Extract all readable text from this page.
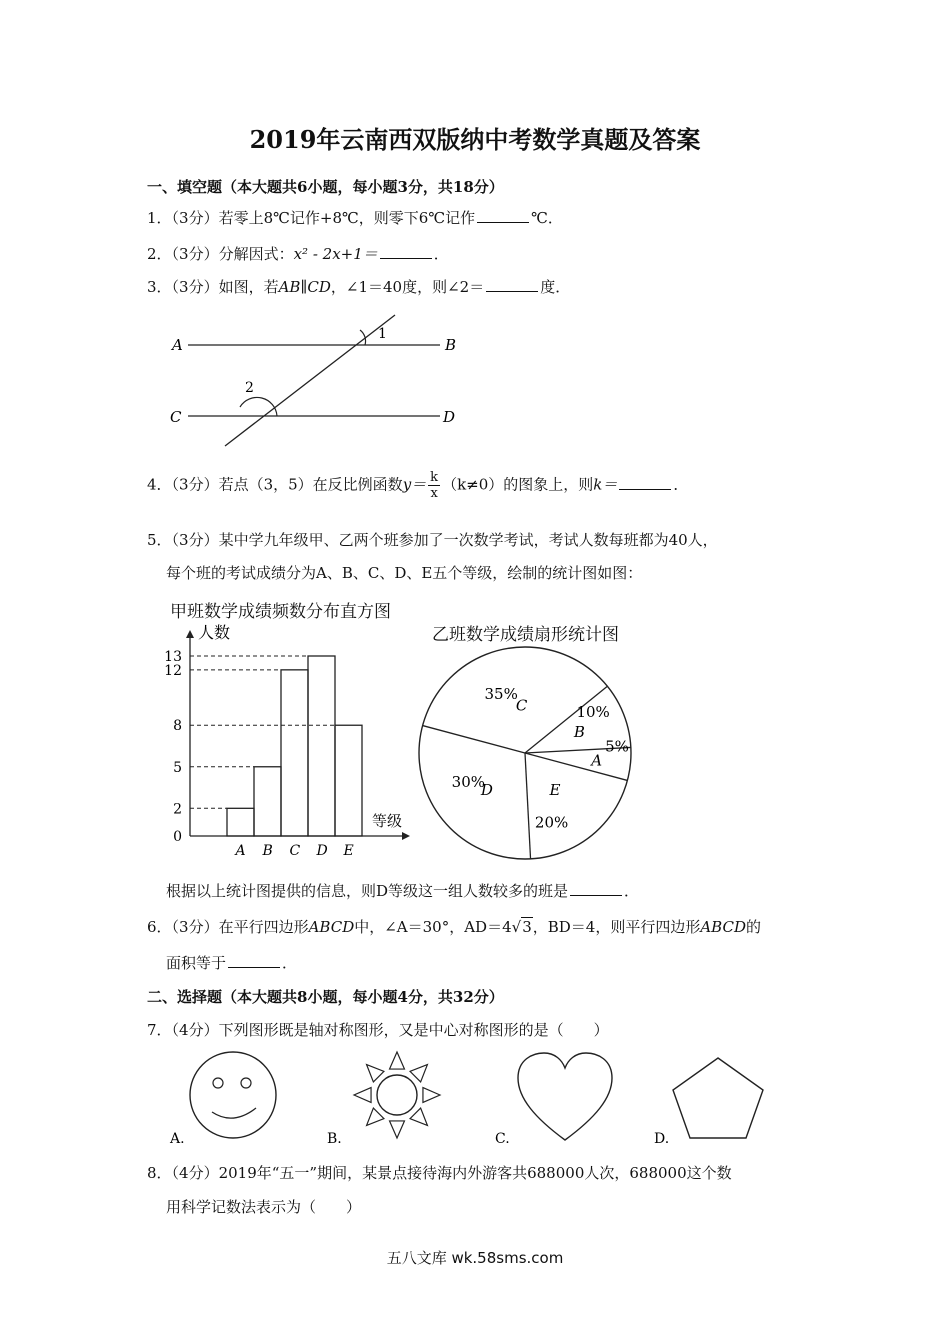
2019年云南西双版纳中考数学真题及答案
一、填空题（本大题共6小题，每小题3分，共18分）
1．（3分）若零上8℃记作+8℃，则零下6℃记作	℃．
2．（3分）分解因式：x² - 2x+1＝	．
3．（3分）如图，若AB∥CD，∠1＝40度，则∠2＝	度．
A	B
C	D
1
2
4．（3分）若点（3，5）在反比例函数$y= \frac{k}{x} (k\ne 0)$的图象上，则k＝	．
5．（3分）某中学九年级甲、乙两个班参加了一次数学考试，考试人数每班都为40人，
每个班的考试成绩分为A、B、C、D、E五个等级，绘制的统计图如图：
甲班数学成绩频数分布直方图
人数
等级
A B C D E
0
2
5
8
12
13
乙班数学成绩扇形统计图
A
5%
B
10%
C
35%
D
30%	E
20%
根据以上统计图提供的信息，则D等级这一组人数较多的班是	．
6．（3分）在平行四边形ABCD中，∠A＝30°，AD＝4√3，BD＝4，则平行四边形ABCD的
面积等于	．
二、选择题（本大题共8小题，每小题4分，共32分）
7．（4分）下列图形既是轴对称图形，又是中心对称图形的是（　　）
A.	B.	C.	D.
8．（4分）2019年“五一”期间，某景点接待海内外游客共688000人次，688000这个数
用科学记数法表示为（　　）
五八文库 wk.58sms.com
